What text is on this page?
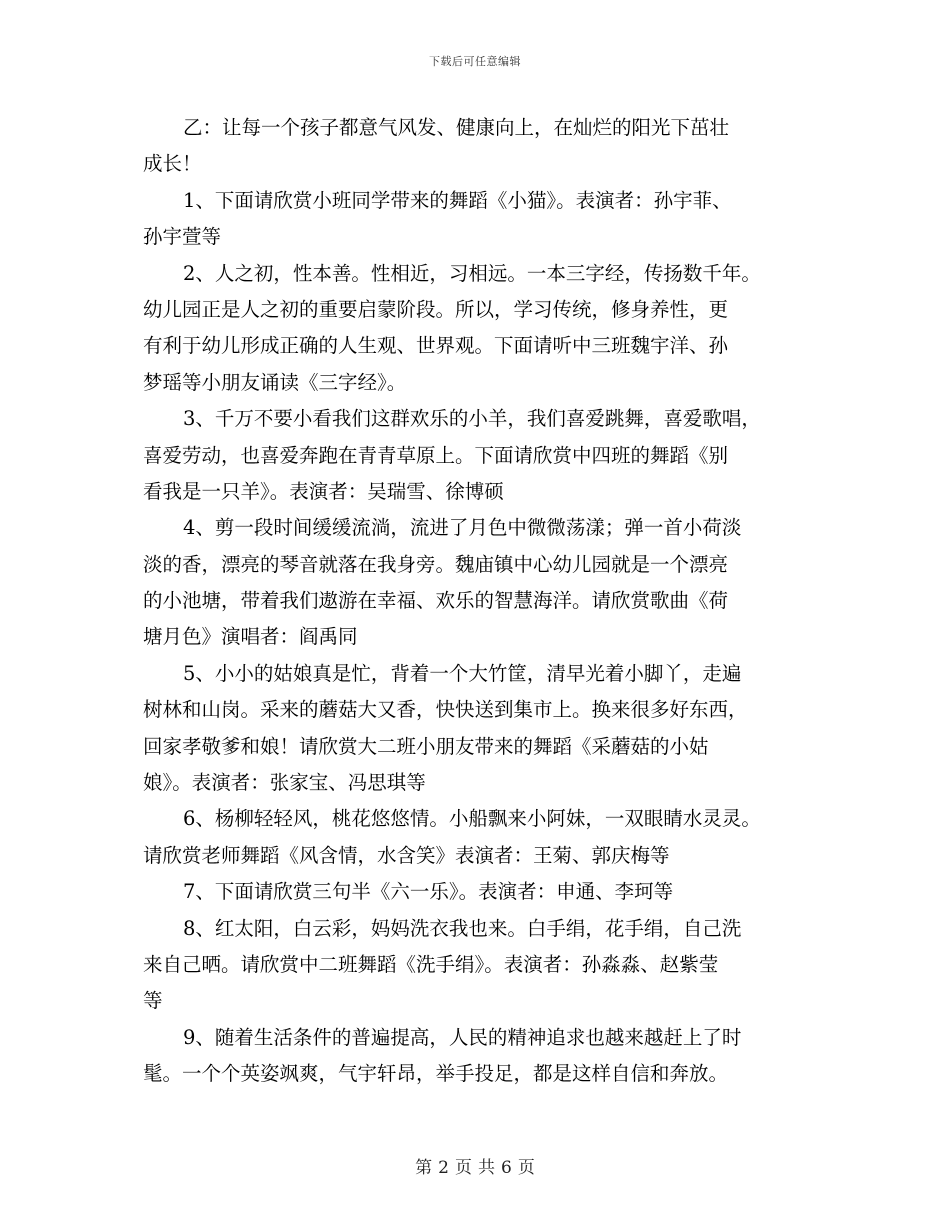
下载后可任意编辑
乙：让每一个孩子都意气风发、健康向上，在灿烂的阳光下茁壮
成长！
1、下面请欣赏小班同学带来的舞蹈《小猫》。表演者：孙宇菲、
孙宇萱等
2、人之初，性本善。性相近，习相远。一本三字经，传扬数千年。
幼儿园正是人之初的重要启蒙阶段。所以，学习传统，修身养性，更
有利于幼儿形成正确的人生观、世界观。下面请听中三班魏宇洋、孙
梦瑶等小朋友诵读《三字经》。
3、千万不要小看我们这群欢乐的小羊，我们喜爱跳舞，喜爱歌唱，
喜爱劳动，也喜爱奔跑在青青草原上。下面请欣赏中四班的舞蹈《别
看我是一只羊》。表演者：吴瑞雪、徐博硕
4、剪一段时间缓缓流淌，流进了月色中微微荡漾；弹一首小荷淡
淡的香，漂亮的琴音就落在我身旁。魏庙镇中心幼儿园就是一个漂亮
的小池塘，带着我们遨游在幸福、欢乐的智慧海洋。请欣赏歌曲《荷
塘月色》演唱者：阎禹同
5、小小的姑娘真是忙，背着一个大竹筐，清早光着小脚丫，走遍
树林和山岗。采来的蘑菇大又香，快快送到集市上。换来很多好东西，
回家孝敬爹和娘！请欣赏大二班小朋友带来的舞蹈《采蘑菇的小姑
娘》。表演者：张家宝、冯思琪等
6、杨柳轻轻风，桃花悠悠情。小船飘来小阿妹，一双眼睛水灵灵。
请欣赏老师舞蹈《风含情，水含笑》表演者：王菊、郭庆梅等
7、下面请欣赏三句半《六一乐》。表演者：申通、李珂等
8、红太阳，白云彩，妈妈洗衣我也来。白手绢，花手绢，自己洗
来自己晒。请欣赏中二班舞蹈《洗手绢》。表演者：孙淼淼、赵紫莹
等
9、随着生活条件的普遍提高，人民的精神追求也越来越赶上了时
髦。一个个英姿飒爽，气宇轩昂，举手投足，都是这样自信和奔放。
第 2 页 共 6 页
